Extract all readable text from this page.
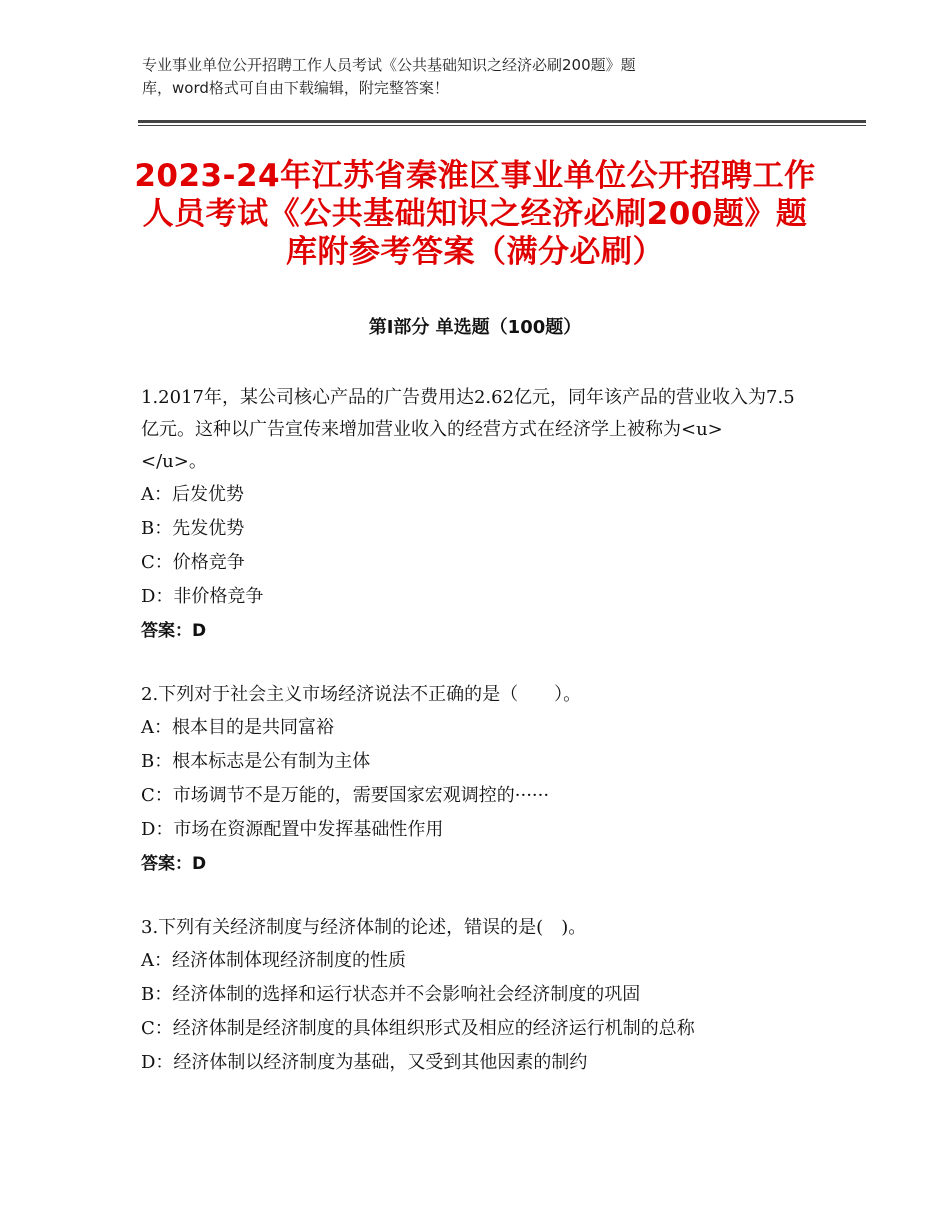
专业事业单位公开招聘工作人员考试《公共基础知识之经济必刷200题》题
库，word格式可自由下载编辑，附完整答案！
2023-24年江苏省秦淮区事业单位公开招聘工作人员考试《公共基础知识之经济必刷200题》题库附参考答案（满分必刷）
第Ⅰ部分 单选题（100题）
1.2017年，某公司核心产品的广告费用达2.62亿元，同年该产品的营业收入为7.5亿元。这种以广告宣传来增加营业收入的经营方式在经济学上被称为<u>　　　</u>。
A：后发优势
B：先发优势
C：价格竞争
D：非价格竞争
答案：D
2.下列对于社会主义市场经济说法不正确的是（　　）。
A：根本目的是共同富裕
B：根本标志是公有制为主体
C：市场调节不是万能的，需要国家宏观调控的······
D：市场在资源配置中发挥基础性作用
答案：D
3.下列有关经济制度与经济体制的论述，错误的是(　)。
A：经济体制体现经济制度的性质
B：经济体制的选择和运行状态并不会影响社会经济制度的巩固
C：经济体制是经济制度的具体组织形式及相应的经济运行机制的总称
D：经济体制以经济制度为基础，又受到其他因素的制约
